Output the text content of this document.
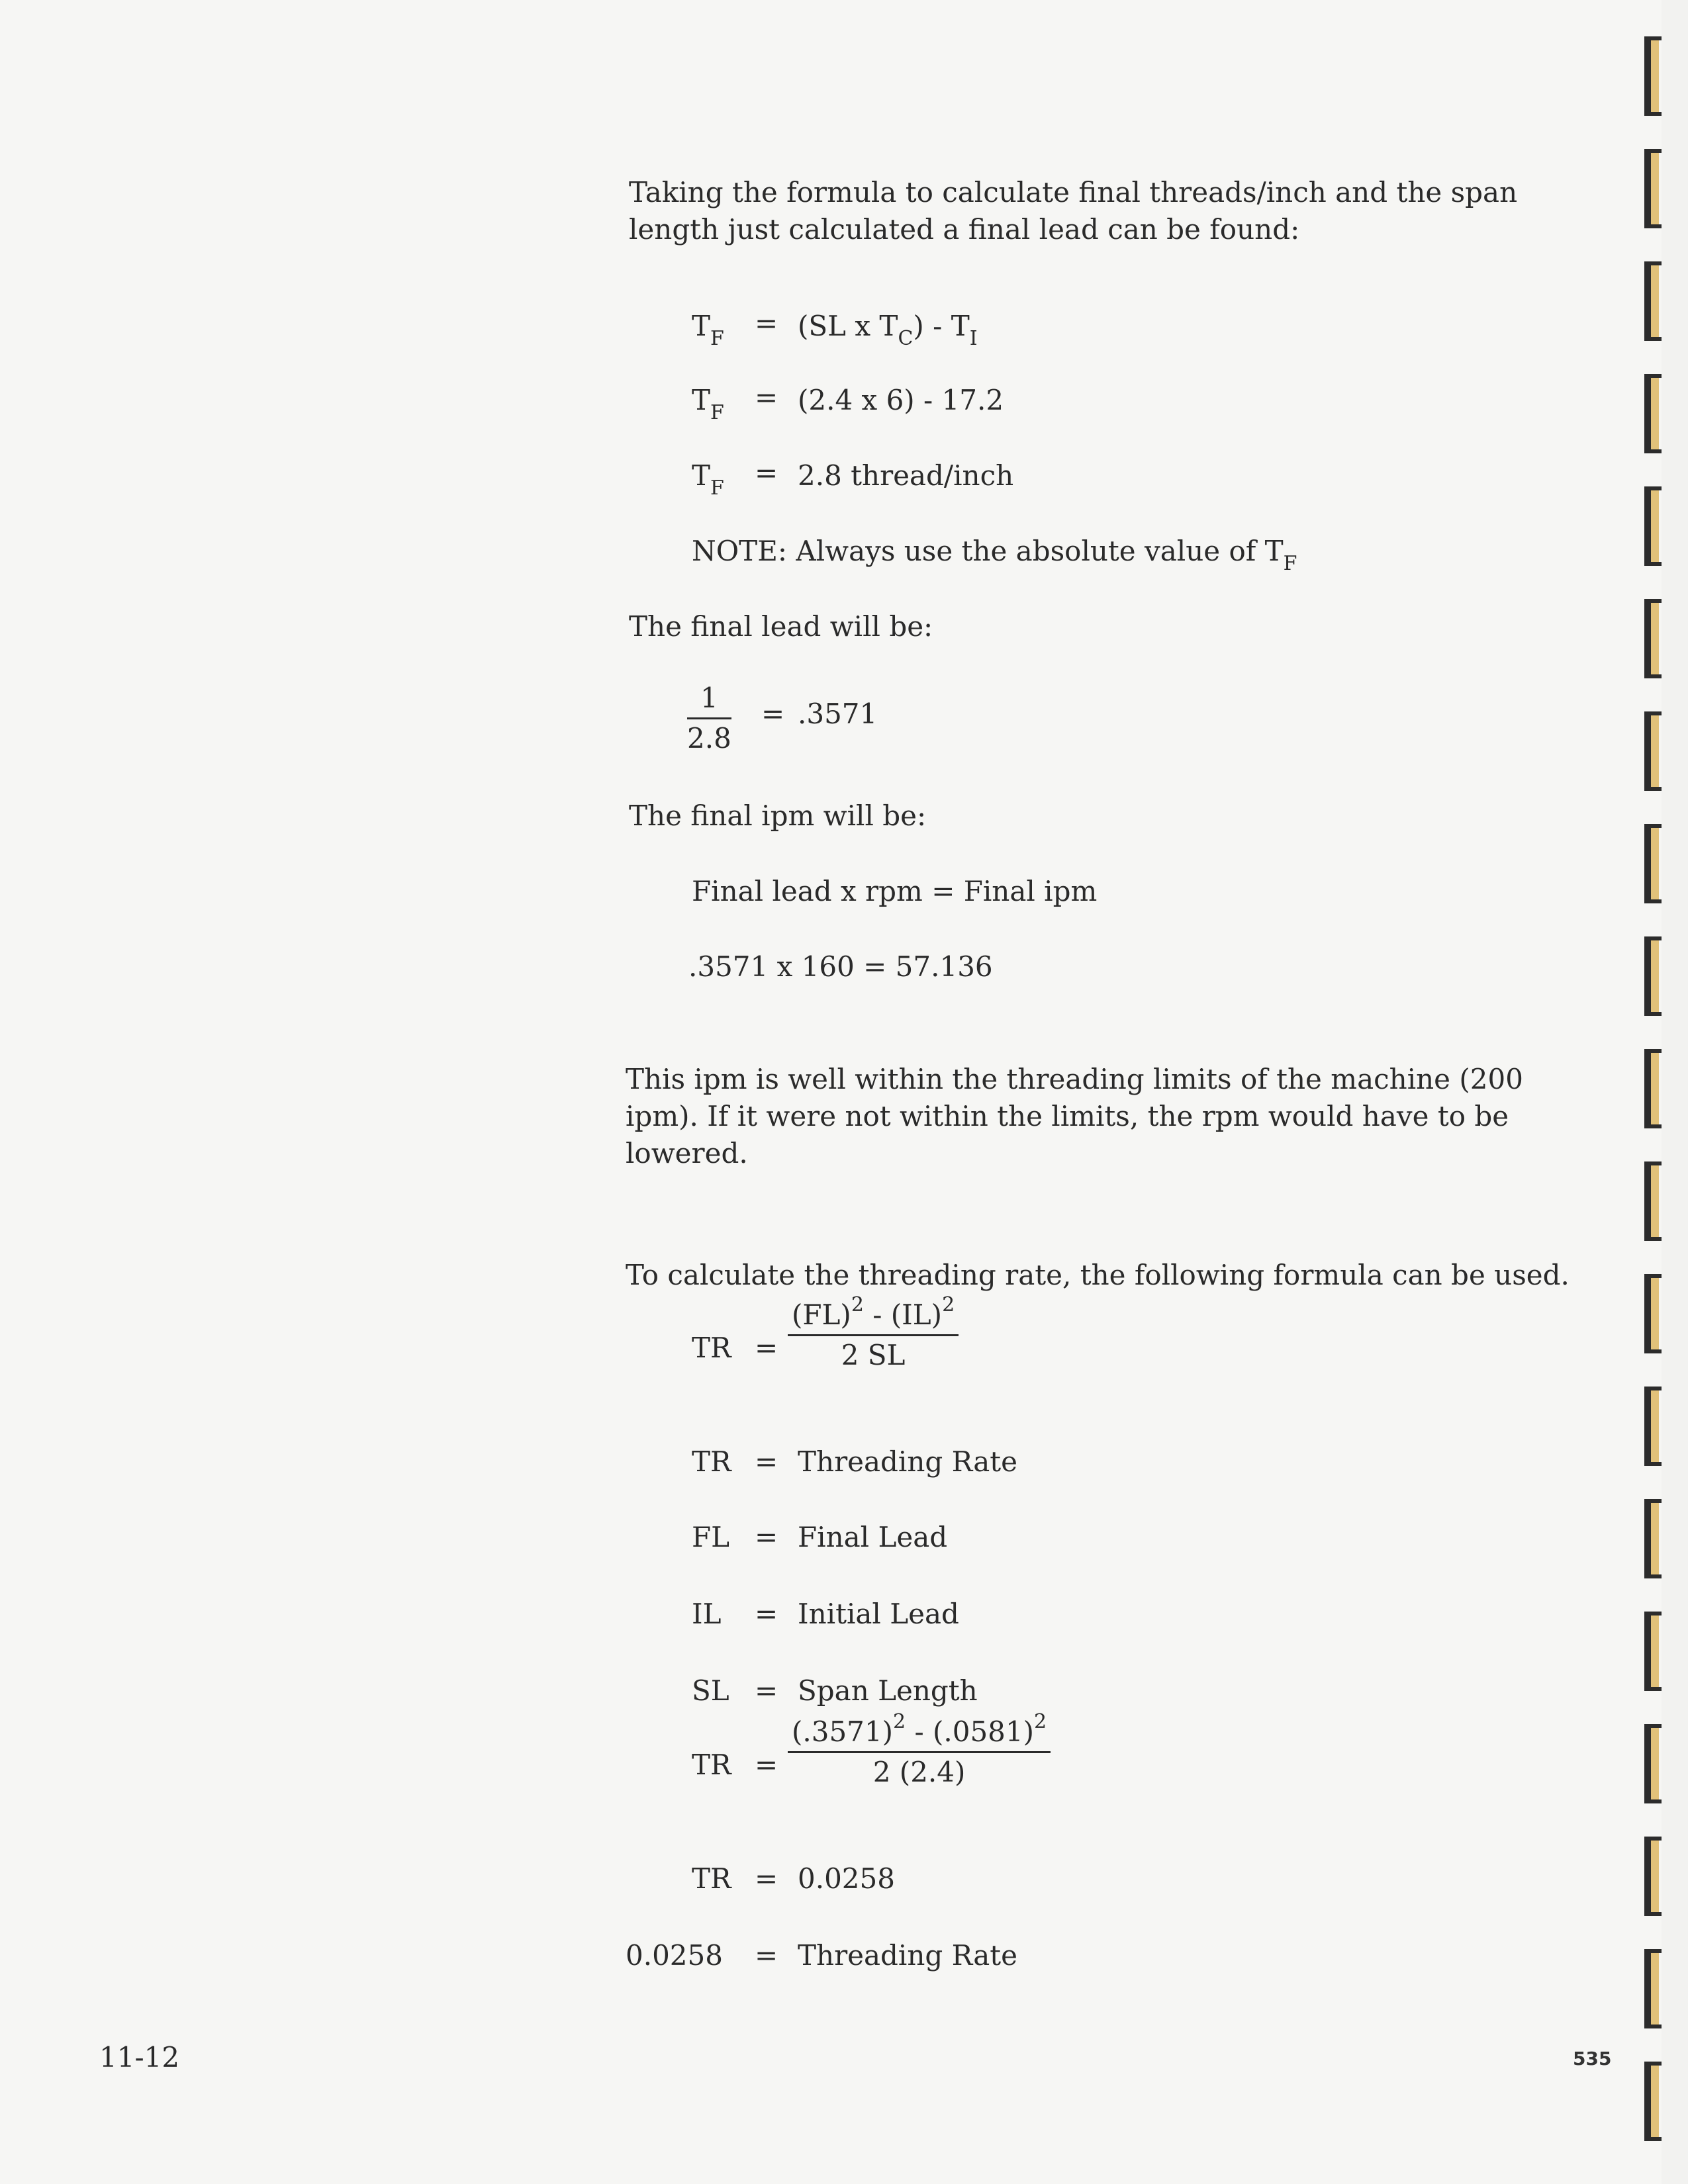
Taking the formula to calculate final threads/inch and the span
length just calculated a final lead can be found:
$T_F = (SL$ x $T_C) - T_I$
$T_F = (2.4$ x 6) - 17.2
$T_F = 2.8$ thread/inch
NOTE: Always use the absolute value of $T_F$
The final lead will be:
$\frac{1}{2.8} = .3571$
The final ipm will be:
Final lead x rpm = Final ipm
.3571 x 160 = 57.136
This ipm is well within the threading limits of the machine (200
ipm). If it were not within the limits, the rpm would have to be
lowered.
To calculate the threading rate, the following formula can be used.
TR = $\frac{(FL)^2 - (IL)^2}{2 SL}$
TR = Threading Rate
FL = Final Lead
IL = Initial Lead
SL = Span Length
TR = $\frac{(.3571)^2 - (.0581)^2}{2 (2.4)}$
TR = 0.0258
0.0258 = Threading Rate
11-12	535
